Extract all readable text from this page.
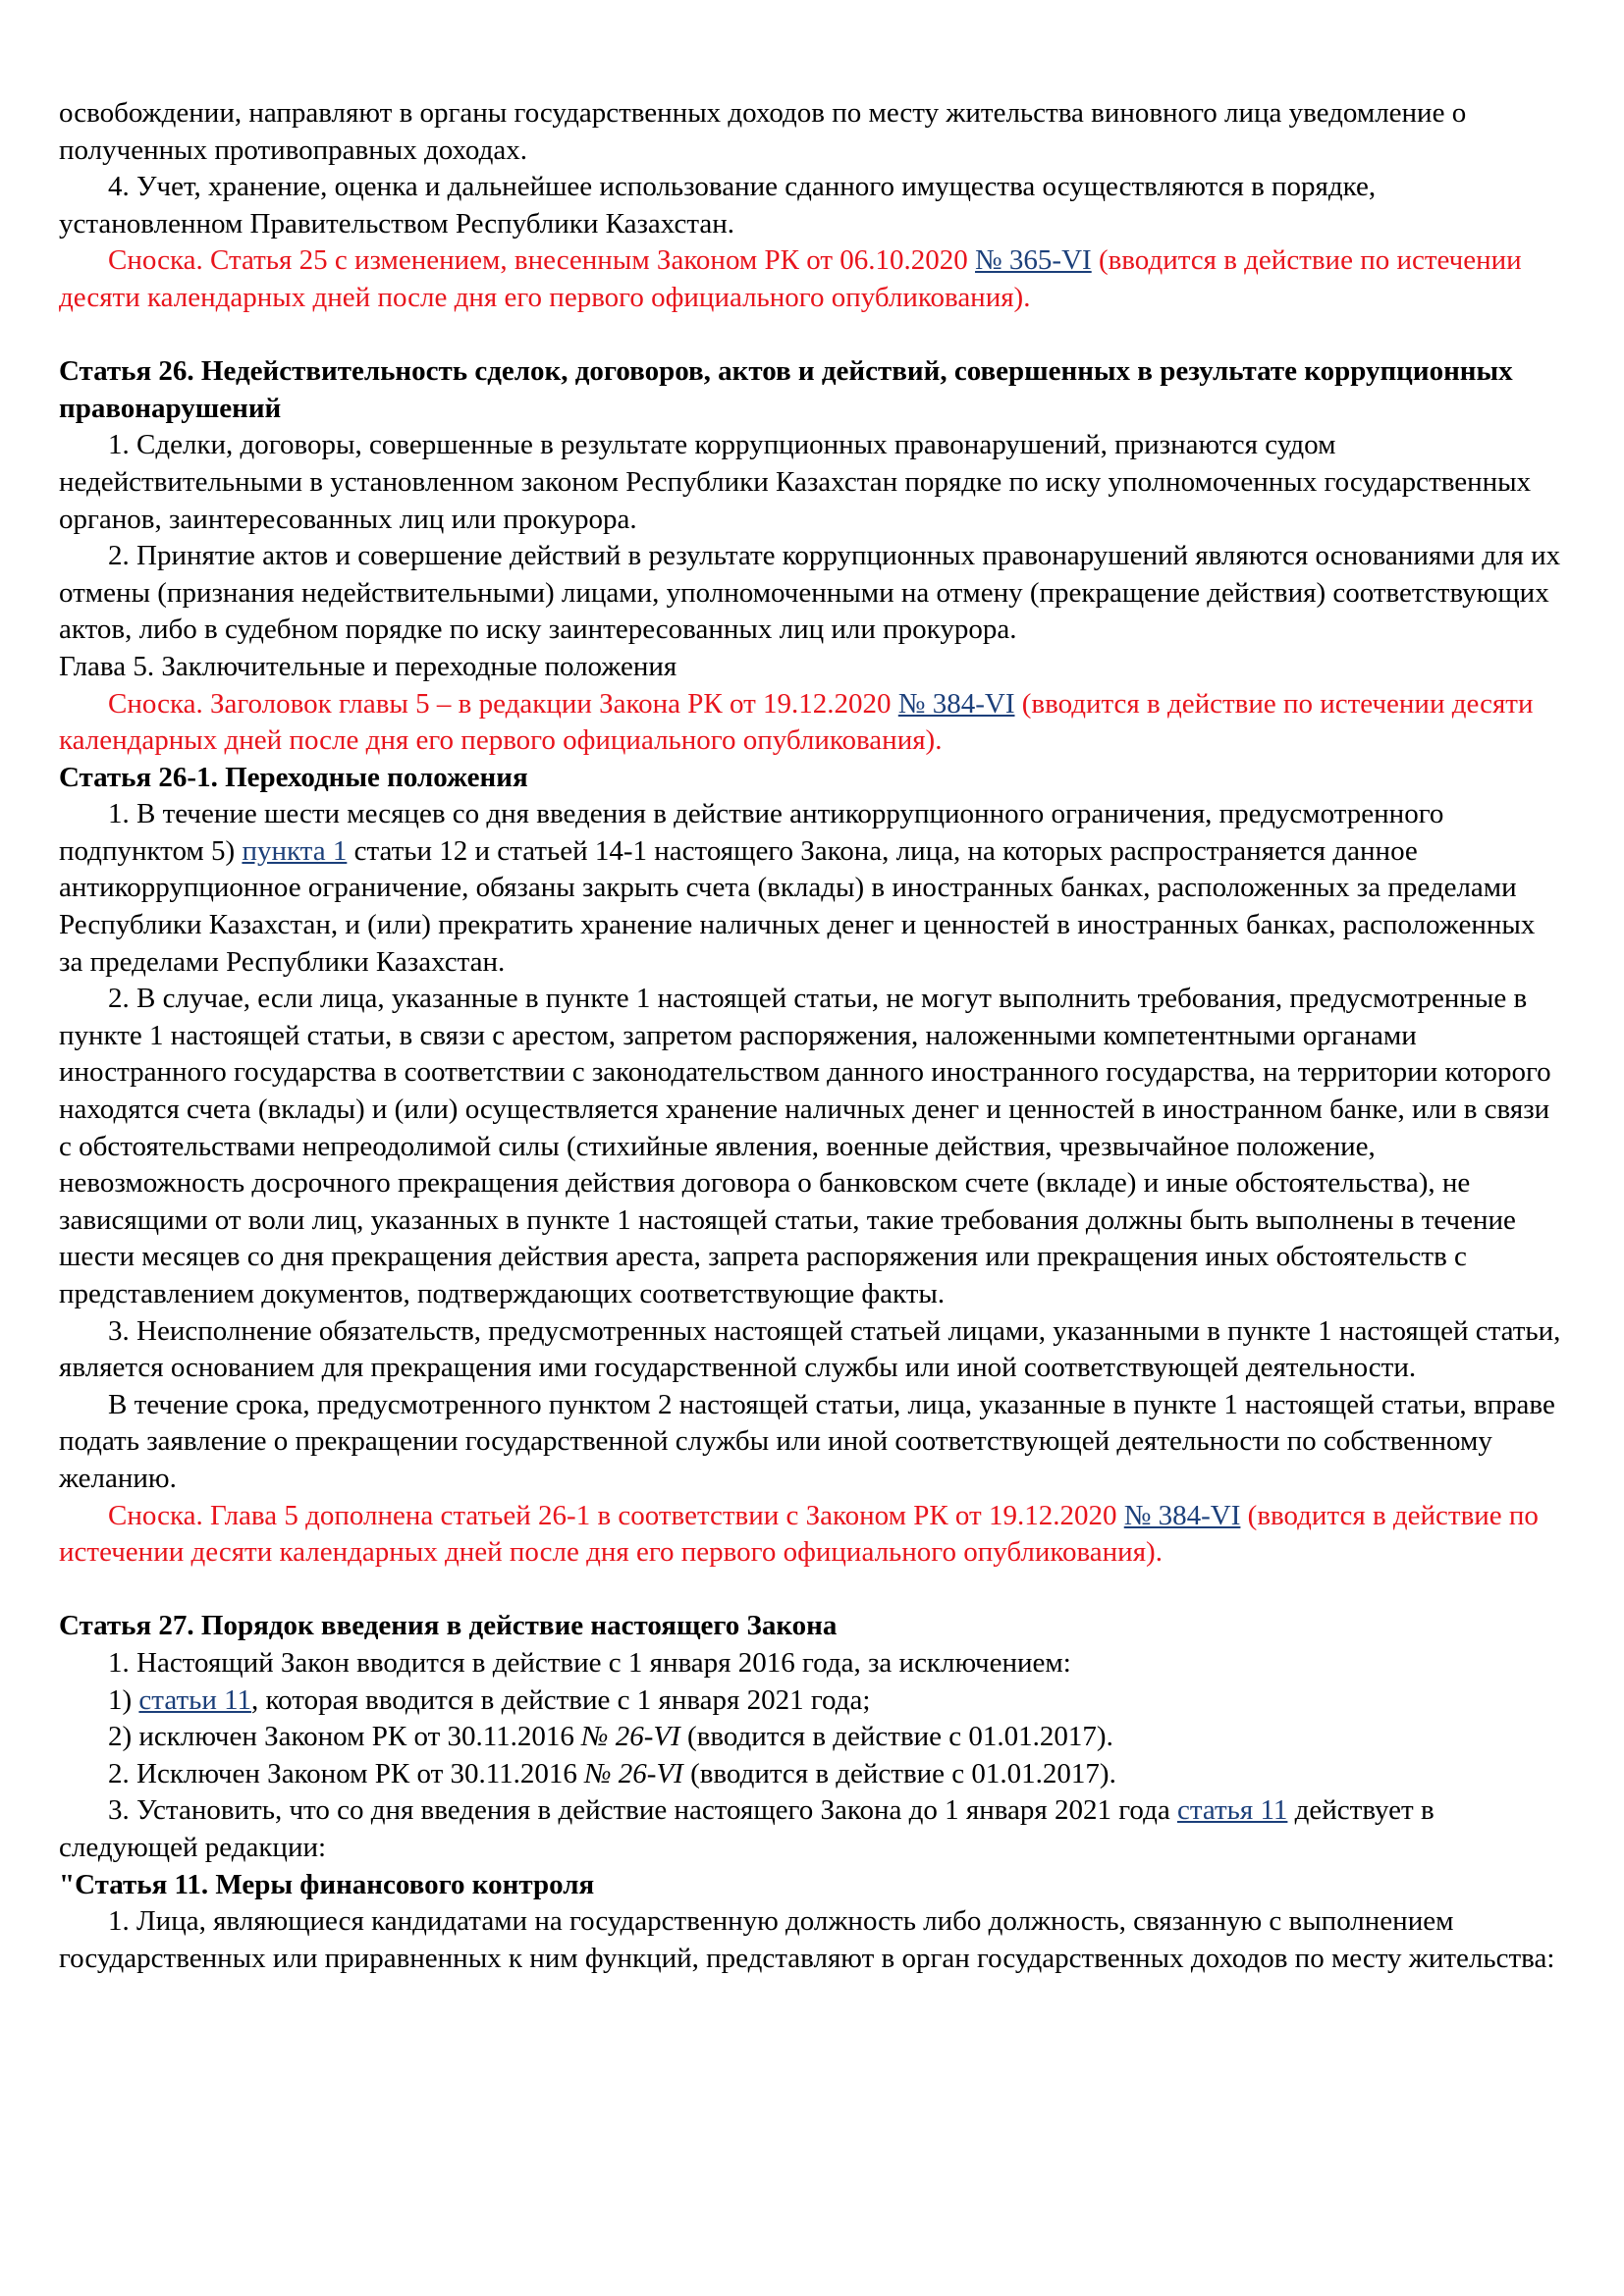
освобождении, направляют в органы государственных доходов по месту жительства виновного лица уведомление о полученных противоправных доходах.

4. Учет, хранение, оценка и дальнейшее использование сданного имущества осуществляются в порядке, установленном Правительством Республики Казахстан.

Сноска. Статья 25 с изменением, внесенным Законом РК от 06.10.2020 № 365-VI (вводится в действие по истечении десяти календарных дней после дня его первого официального опубликования).

Статья 26. Недействительность сделок, договоров, актов и действий, совершенных в результате коррупционных правонарушений

1. Сделки, договоры, совершенные в результате коррупционных правонарушений, признаются судом недействительными в установленном законом Республики Казахстан порядке по иску уполномоченных государственных органов, заинтересованных лиц или прокурора.

2. Принятие актов и совершение действий в результате коррупционных правонарушений являются основаниями для их отмены (признания недействительными) лицами, уполномоченными на отмену (прекращение действия) соответствующих актов, либо в судебном порядке по иску заинтересованных лиц или прокурора.

Глава 5. Заключительные и переходные положения

Сноска. Заголовок главы 5 – в редакции Закона РК от 19.12.2020 № 384-VI (вводится в действие по истечении десяти календарных дней после дня его первого официального опубликования).

Статья 26-1. Переходные положения

1. В течение шести месяцев со дня введения в действие антикоррупционного ограничения, предусмотренного подпунктом 5) пункта 1 статьи 12 и статьей 14-1 настоящего Закона, лица, на которых распространяется данное антикоррупционное ограничение, обязаны закрыть счета (вклады) в иностранных банках, расположенных за пределами Республики Казахстан, и (или) прекратить хранение наличных денег и ценностей в иностранных банках, расположенных за пределами Республики Казахстан.

2. В случае, если лица, указанные в пункте 1 настоящей статьи, не могут выполнить требования, предусмотренные в пункте 1 настоящей статьи, в связи с арестом, запретом распоряжения, наложенными компетентными органами иностранного государства в соответствии с законодательством данного иностранного государства, на территории которого находятся счета (вклады) и (или) осуществляется хранение наличных денег и ценностей в иностранном банке, или в связи с обстоятельствами непреодолимой силы (стихийные явления, военные действия, чрезвычайное положение, невозможность досрочного прекращения действия договора о банковском счете (вкладе) и иные обстоятельства), не зависящими от воли лиц, указанных в пункте 1 настоящей статьи, такие требования должны быть выполнены в течение шести месяцев со дня прекращения действия ареста, запрета распоряжения или прекращения иных обстоятельств с представлением документов, подтверждающих соответствующие факты.

3. Неисполнение обязательств, предусмотренных настоящей статьей лицами, указанными в пункте 1 настоящей статьи, является основанием для прекращения ими государственной службы или иной соответствующей деятельности.

В течение срока, предусмотренного пунктом 2 настоящей статьи, лица, указанные в пункте 1 настоящей статьи, вправе подать заявление о прекращении государственной службы или иной соответствующей деятельности по собственному желанию.

Сноска. Глава 5 дополнена статьей 26-1 в соответствии с Законом РК от 19.12.2020 № 384-VI (вводится в действие по истечении десяти календарных дней после дня его первого официального опубликования).

Статья 27. Порядок введения в действие настоящего Закона

1. Настоящий Закон вводится в действие с 1 января 2016 года, за исключением:

1) статьи 11, которая вводится в действие с 1 января 2021 года;

2) исключен Законом РК от 30.11.2016 № 26-VI (вводится в действие с 01.01.2017).

2. Исключен Законом РК от 30.11.2016 № 26-VI (вводится в действие с 01.01.2017).

3. Установить, что со дня введения в действие настоящего Закона до 1 января 2021 года статья 11 действует в следующей редакции:

"Статья 11. Меры финансового контроля

1. Лица, являющиеся кандидатами на государственную должность либо должность, связанную с выполнением государственных или приравненных к ним функций, представляют в орган государственных доходов по месту жительства:
